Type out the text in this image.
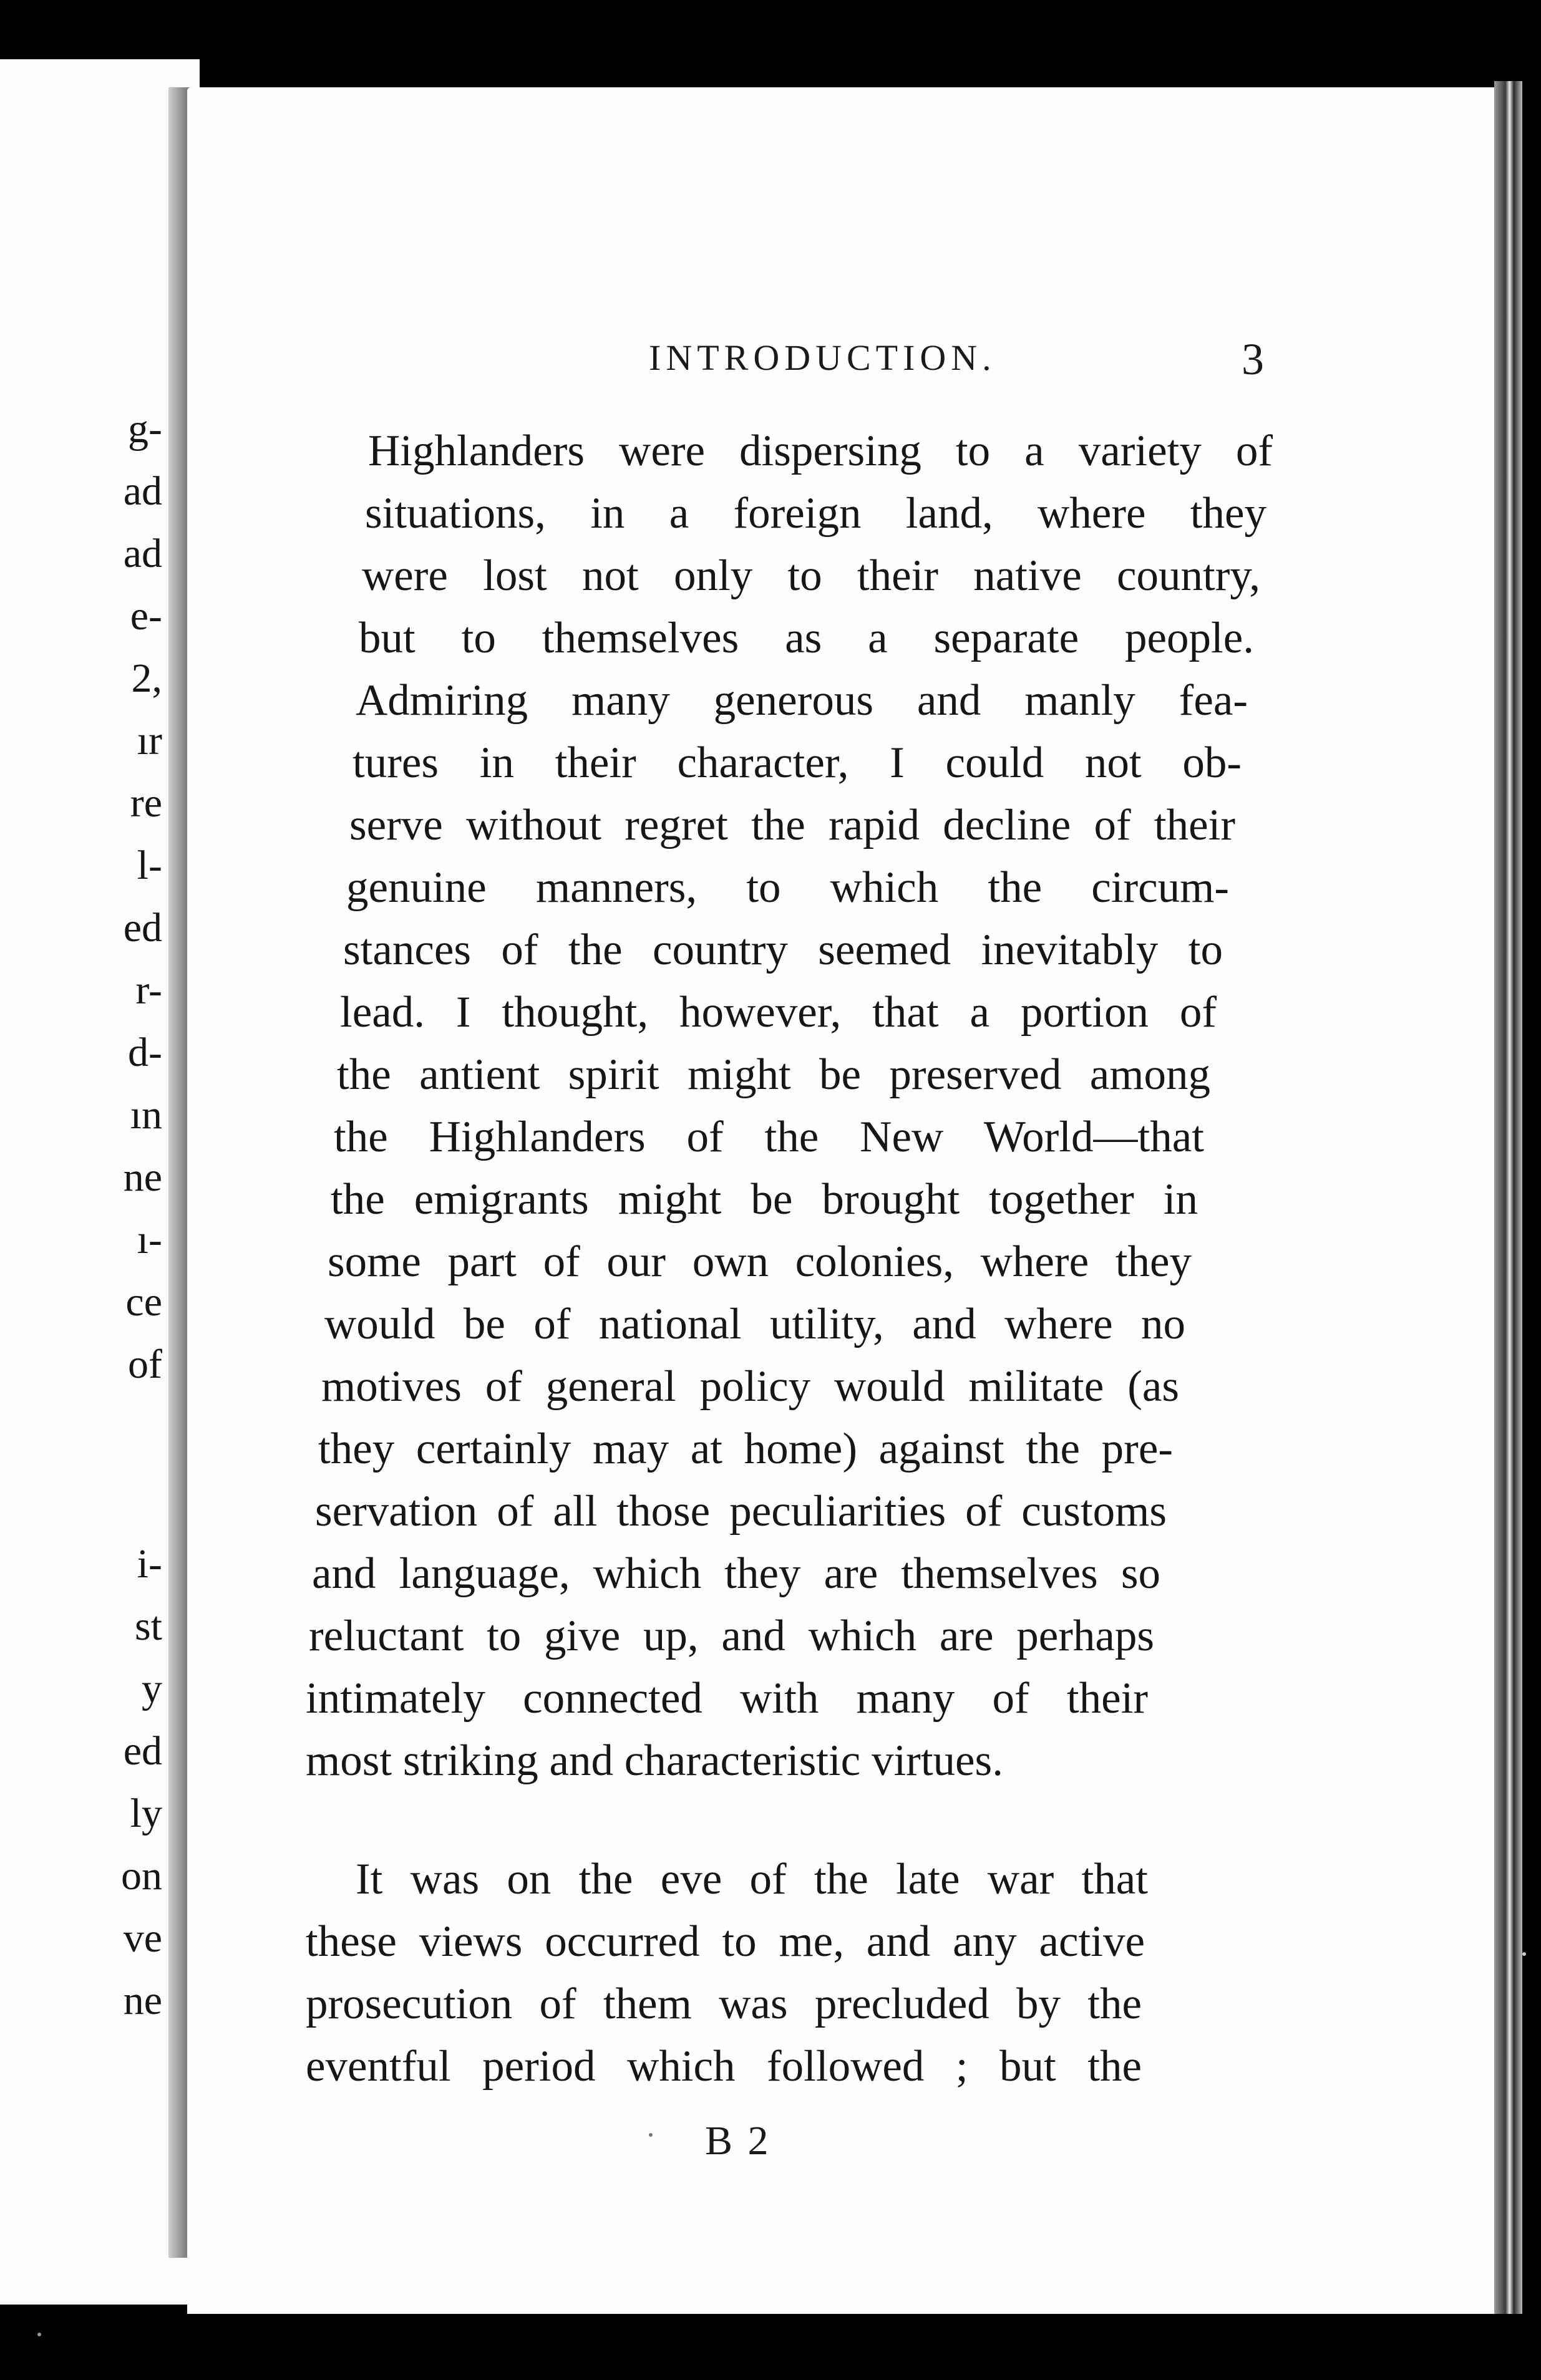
g-
ad
ad
e-
2,
ır
re
l-
ed
r-
d-
ın
ne
ı-
ce
of
i-
st
y
ed
ly
on
ve
ne
INTRODUCTION.	3
Highlanders were dispersing to a variety of
situations, in a foreign land, where they
were lost not only to their native country,
but to themselves as a separate people.
Admiring many generous and manly fea-
tures in their character, I could not ob-
serve without regret the rapid decline of their
genuine manners, to which the circum-
stances of the country seemed inevitably to
lead. I thought, however, that a portion of
the antient spirit might be preserved among
the Highlanders of the New World—that
the emigrants might be brought together in
some part of our own colonies, where they
would be of national utility, and where no
motives of general policy would militate (as
they certainly may at home) against the pre-
servation of all those peculiarities of customs
and language, which they are themselves so
reluctant to give up, and which are perhaps
intimately connected with many of their
most striking and characteristic virtues.
It was on the eve of the late war that
these views occurred to me, and any active
prosecution of them was precluded by the
eventful period which followed ; but the
B 2
